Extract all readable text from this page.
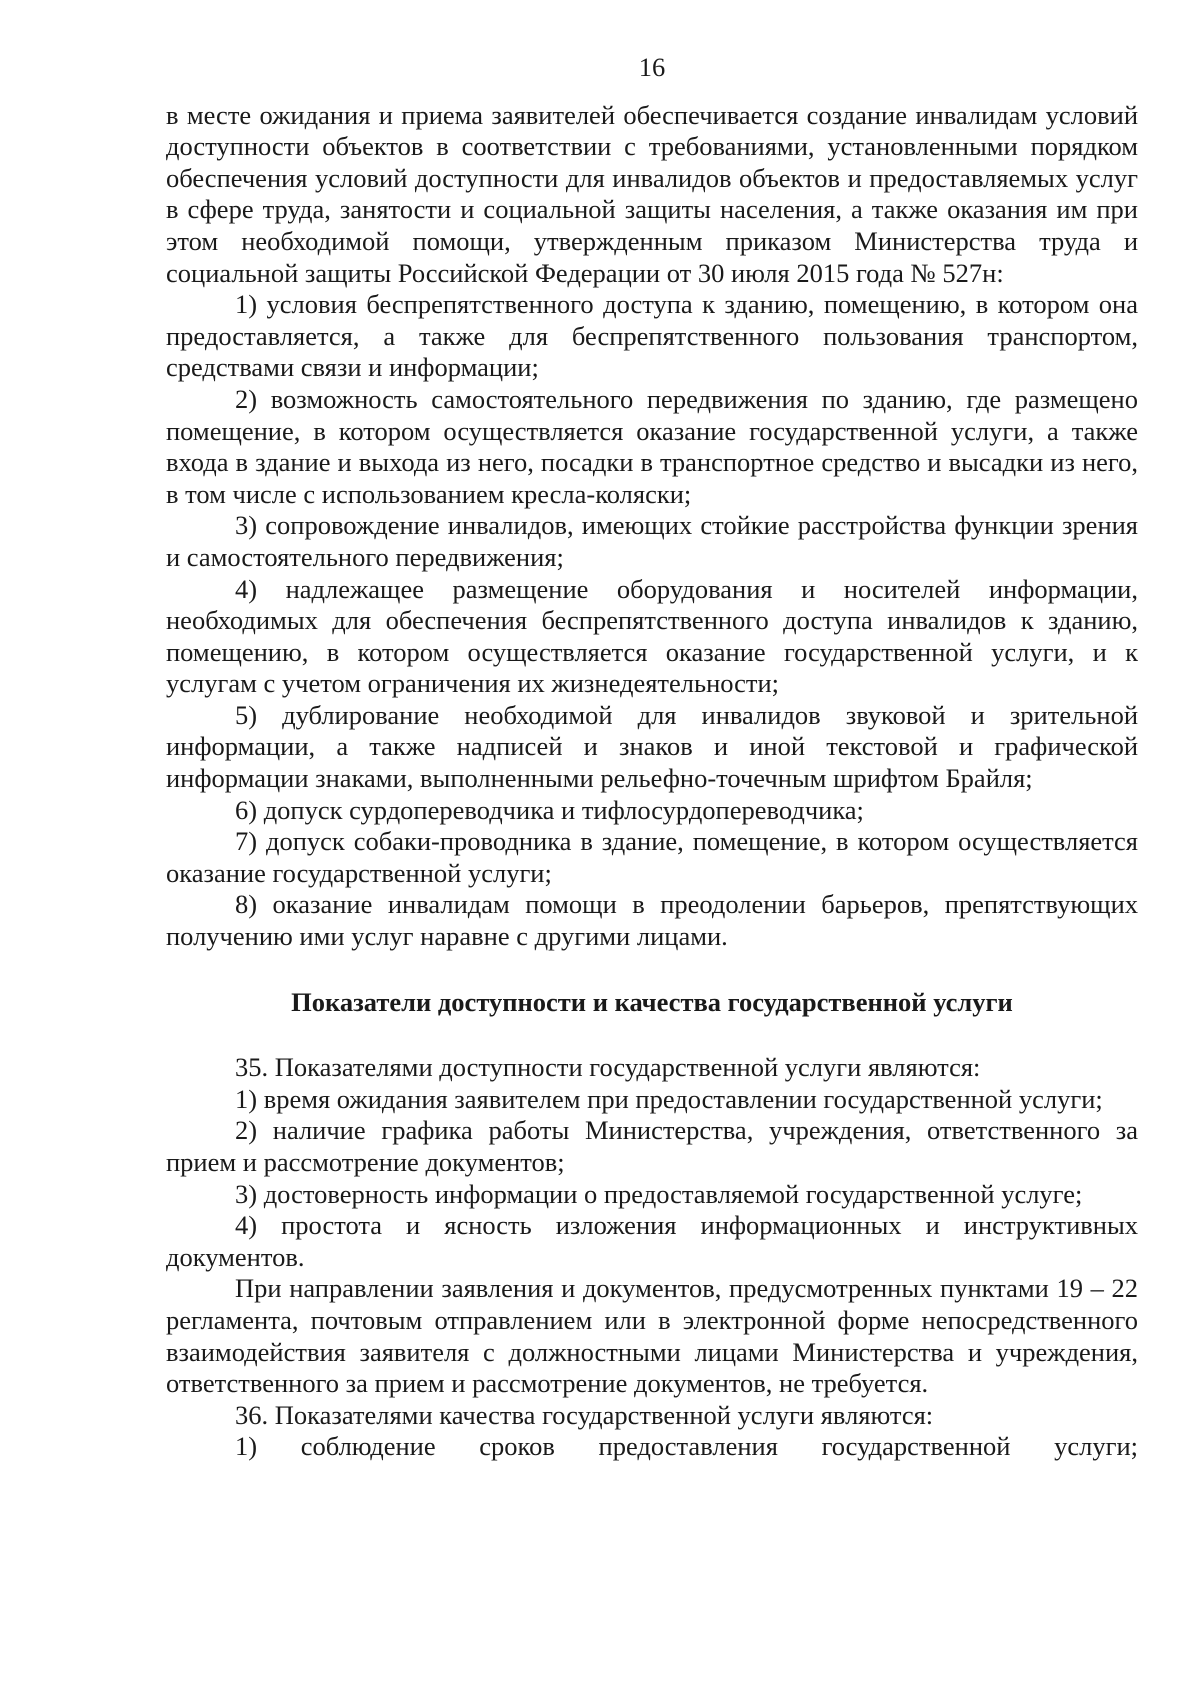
16

в месте ожидания и приема заявителей обеспечивается создание инвалидам условий доступности объектов в соответствии с требованиями, установленными порядком обеспечения условий доступности для инвалидов объектов и предоставляемых услуг в сфере труда, занятости и социальной защиты населения, а также оказания им при этом необходимой помощи, утвержденным приказом Министерства труда и социальной защиты Российской Федерации от 30 июля 2015 года № 527н:

1) условия беспрепятственного доступа к зданию, помещению, в котором она предоставляется, а также для беспрепятственного пользования транспортом, средствами связи и информации;

2) возможность самостоятельного передвижения по зданию, где размещено помещение, в котором осуществляется оказание государственной услуги, а также входа в здание и выхода из него, посадки в транспортное средство и высадки из него, в том числе с использованием кресла-коляски;

3) сопровождение инвалидов, имеющих стойкие расстройства функции зрения и самостоятельного передвижения;

4) надлежащее размещение оборудования и носителей информации, необходимых для обеспечения беспрепятственного доступа инвалидов к зданию, помещению, в котором осуществляется оказание государственной услуги, и к услугам с учетом ограничения их жизнедеятельности;

5) дублирование необходимой для инвалидов звуковой и зрительной информации, а также надписей и знаков и иной текстовой и графической информации знаками, выполненными рельефно-точечным шрифтом Брайля;

6) допуск сурдопереводчика и тифлосурдопереводчика;

7) допуск собаки-проводника в здание, помещение, в котором осуществляется оказание государственной услуги;

8) оказание инвалидам помощи в преодолении барьеров, препятствующих получению ими услуг наравне с другими лицами.

Показатели доступности и качества государственной услуги

35. Показателями доступности государственной услуги являются:

1) время ожидания заявителем при предоставлении государственной услуги;

2) наличие графика работы Министерства, учреждения, ответственного за прием и рассмотрение документов;

3) достоверность информации о предоставляемой государственной услуге;

4) простота и ясность изложения информационных и инструктивных документов.

При направлении заявления и документов, предусмотренных пунктами 19 – 22 регламента, почтовым отправлением или в электронной форме непосредственного взаимодействия заявителя с должностными лицами Министерства и учреждения, ответственного за прием и рассмотрение документов, не требуется.

36. Показателями качества государственной услуги являются:

1) соблюдение сроков предоставления государственной услуги;
